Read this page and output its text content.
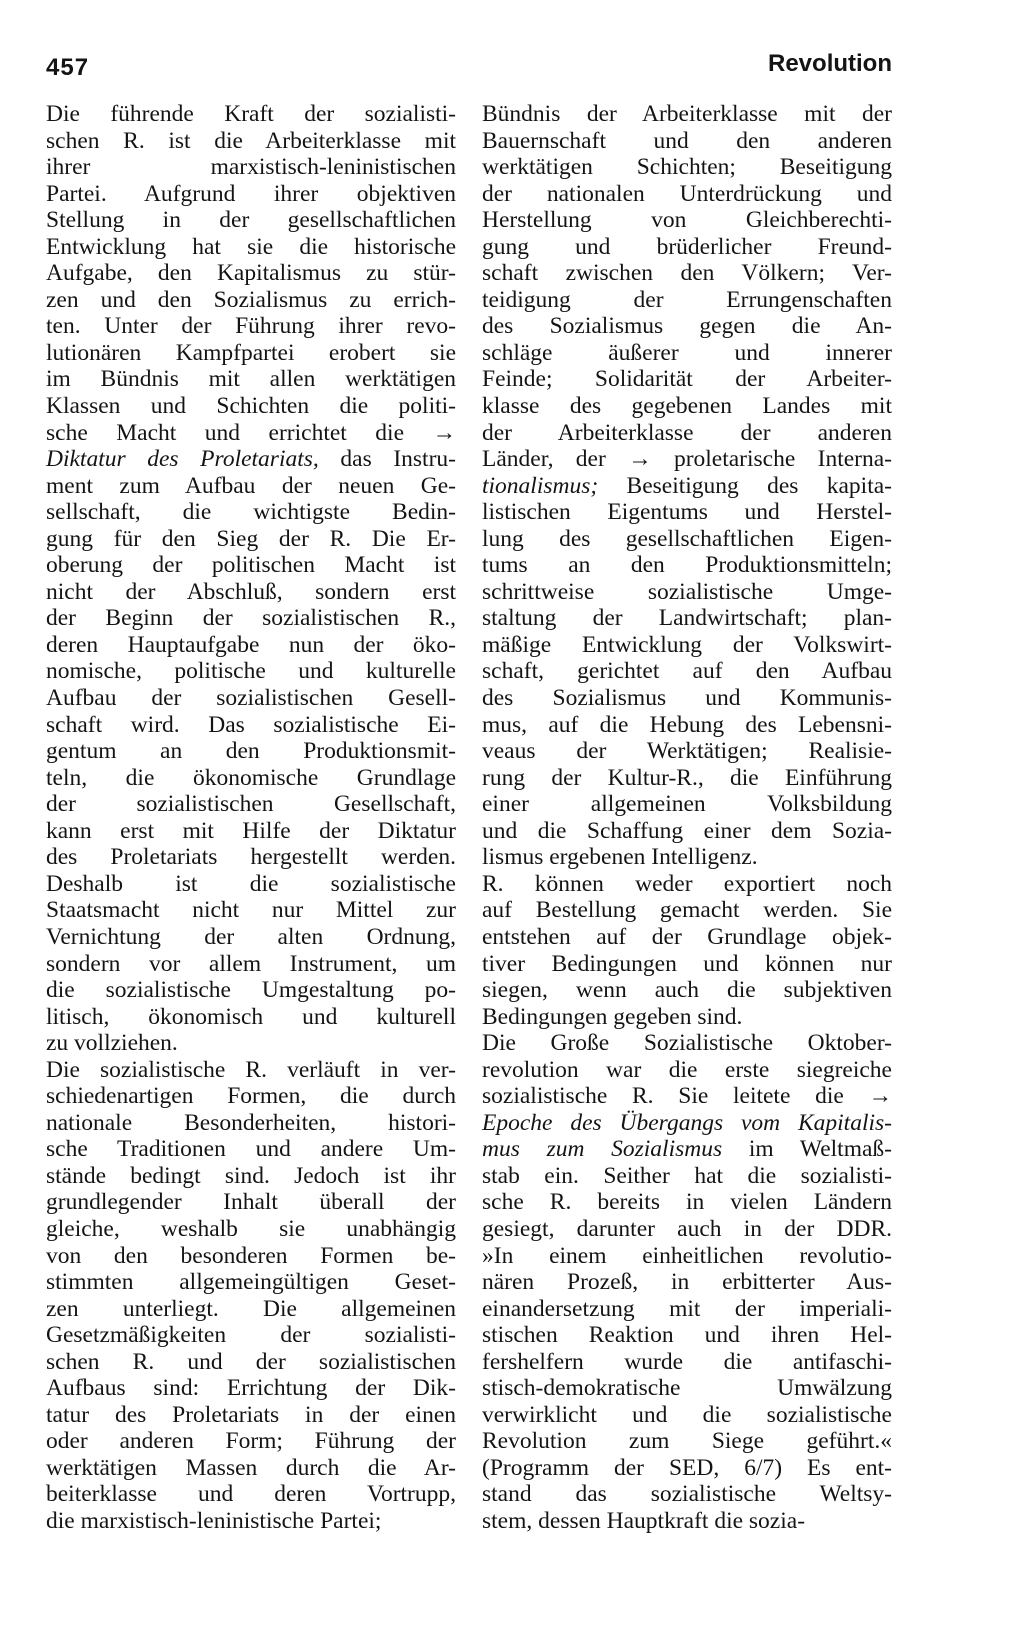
457	Revolution
Die führende Kraft der sozialisti-
schen R. ist die Arbeiterklasse mit
ihrer marxistisch-leninistischen
Partei. Aufgrund ihrer objektiven
Stellung in der gesellschaftlichen
Entwicklung hat sie die historische
Aufgabe, den Kapitalismus zu stür-
zen und den Sozialismus zu errich-
ten. Unter der Führung ihrer revo-
lutionären Kampfpartei erobert sie
im Bündnis mit allen werktätigen
Klassen und Schichten die politi-
sche Macht und errichtet die →
Diktatur des Proletariats, das Instru-
ment zum Aufbau der neuen Ge-
sellschaft, die wichtigste Bedin-
gung für den Sieg der R. Die Er-
oberung der politischen Macht ist
nicht der Abschluß, sondern erst
der Beginn der sozialistischen R.,
deren Hauptaufgabe nun der öko-
nomische, politische und kulturelle
Aufbau der sozialistischen Gesell-
schaft wird. Das sozialistische Ei-
gentum an den Produktionsmit-
teln, die ökonomische Grundlage
der sozialistischen Gesellschaft,
kann erst mit Hilfe der Diktatur
des Proletariats hergestellt werden.
Deshalb ist die sozialistische
Staatsmacht nicht nur Mittel zur
Vernichtung der alten Ordnung,
sondern vor allem Instrument, um
die sozialistische Umgestaltung po-
litisch, ökonomisch und kulturell
zu vollziehen.
Die sozialistische R. verläuft in ver-
schiedenartigen Formen, die durch
nationale Besonderheiten, histori-
sche Traditionen und andere Um-
stände bedingt sind. Jedoch ist ihr
grundlegender Inhalt überall der
gleiche, weshalb sie unabhängig
von den besonderen Formen be-
stimmten allgemeingültigen Geset-
zen unterliegt. Die allgemeinen
Gesetzmäßigkeiten der sozialisti-
schen R. und der sozialistischen
Aufbaus sind: Errichtung der Dik-
tatur des Proletariats in der einen
oder anderen Form; Führung der
werktätigen Massen durch die Ar-
beiterklasse und deren Vortrupp,
die marxistisch-leninistische Partei;
Bündnis der Arbeiterklasse mit der
Bauernschaft und den anderen
werktätigen Schichten; Beseitigung
der nationalen Unterdrückung und
Herstellung von Gleichberechti-
gung und brüderlicher Freund-
schaft zwischen den Völkern; Ver-
teidigung der Errungenschaften
des Sozialismus gegen die An-
schläge äußerer und innerer
Feinde; Solidarität der Arbeiter-
klasse des gegebenen Landes mit
der Arbeiterklasse der anderen
Länder, der → proletarische Interna-
tionalismus; Beseitigung des kapita-
listischen Eigentums und Herstel-
lung des gesellschaftlichen Eigen-
tums an den Produktionsmitteln;
schrittweise sozialistische Umge-
staltung der Landwirtschaft; plan-
mäßige Entwicklung der Volkswirt-
schaft, gerichtet auf den Aufbau
des Sozialismus und Kommunis-
mus, auf die Hebung des Lebensni-
veaus der Werktätigen; Realisie-
rung der Kultur-R., die Einführung
einer allgemeinen Volksbildung
und die Schaffung einer dem Sozia-
lismus ergebenen Intelligenz.
R. können weder exportiert noch
auf Bestellung gemacht werden. Sie
entstehen auf der Grundlage objek-
tiver Bedingungen und können nur
siegen, wenn auch die subjektiven
Bedingungen gegeben sind.
Die Große Sozialistische Oktober-
revolution war die erste siegreiche
sozialistische R. Sie leitete die →
Epoche des Übergangs vom Kapitalis-
mus zum Sozialismus im Weltmaß-
stab ein. Seither hat die sozialisti-
sche R. bereits in vielen Ländern
gesiegt, darunter auch in der DDR.
»In einem einheitlichen revolutio-
nären Prozeß, in erbitterter Aus-
einandersetzung mit der imperiali-
stischen Reaktion und ihren Hel-
fershelfern wurde die antifaschi-
stisch-demokratische Umwälzung
verwirklicht und die sozialistische
Revolution zum Siege geführt.«
(Programm der SED, 6/7) Es ent-
stand das sozialistische Weltsy-
stem, dessen Hauptkraft die sozia-
